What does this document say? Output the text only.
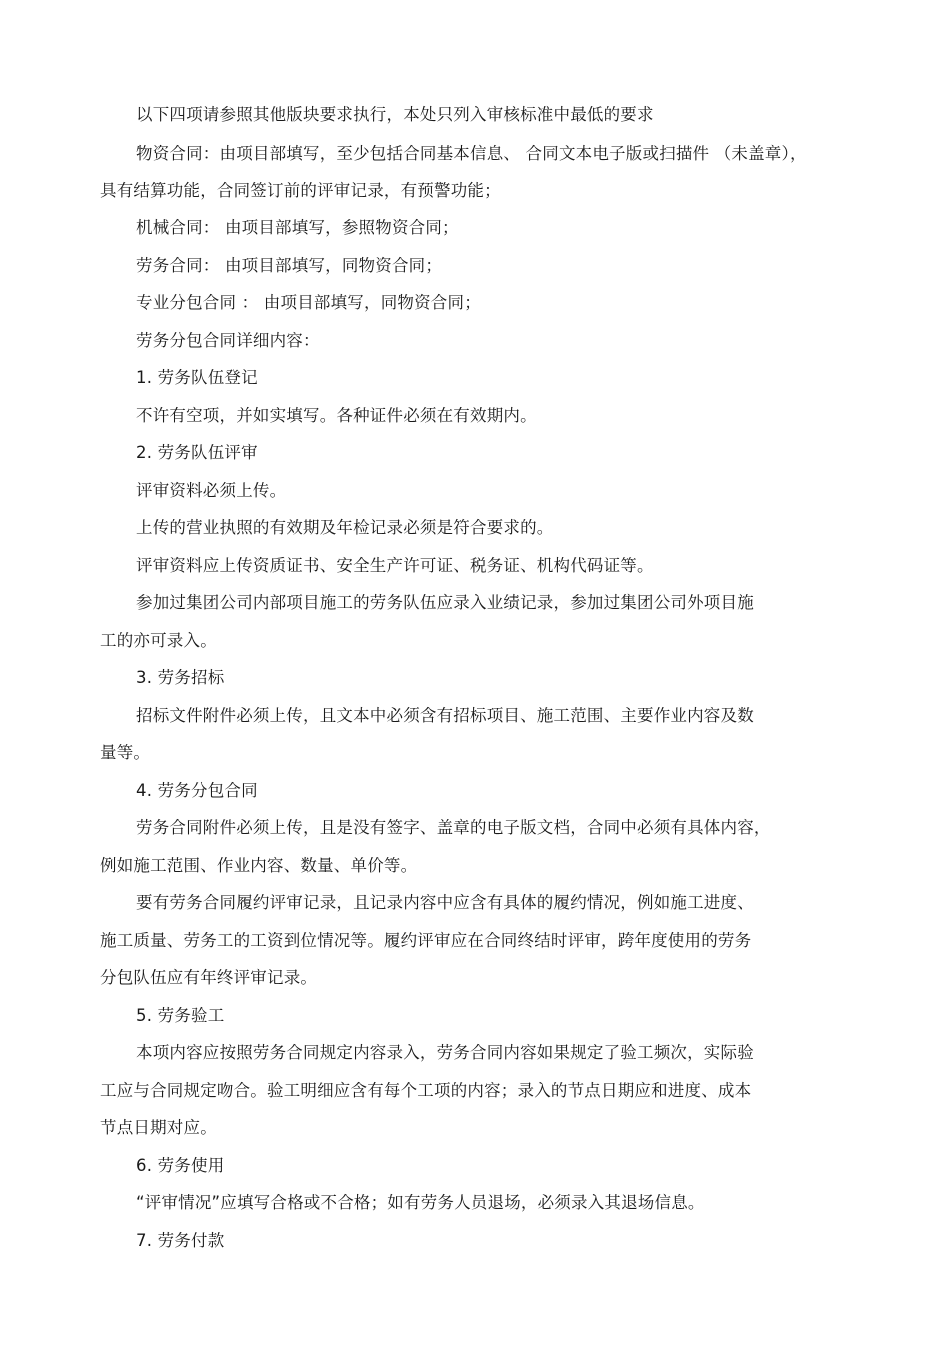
以下四项请参照其他版块要求执行，本处只列入审核标准中最低的要求
物资合同：由项目部填写，至少包括合同基本信息、 合同文本电子版或扫描件 （未盖章），
具有结算功能，合同签订前的评审记录，有预警功能；
机械合同： 由项目部填写，参照物资合同；
劳务合同： 由项目部填写，同物资合同；
专业分包合同 ： 由项目部填写，同物资合同；
劳务分包合同详细内容：
1. 劳务队伍登记
不许有空项，并如实填写。各种证件必须在有效期内。
2. 劳务队伍评审
评审资料必须上传。
上传的营业执照的有效期及年检记录必须是符合要求的。
评审资料应上传资质证书、安全生产许可证、税务证、机构代码证等。
参加过集团公司内部项目施工的劳务队伍应录入业绩记录，参加过集团公司外项目施
工的亦可录入。
3. 劳务招标
招标文件附件必须上传，且文本中必须含有招标项目、施工范围、主要作业内容及数
量等。
4. 劳务分包合同
劳务合同附件必须上传，且是没有签字、盖章的电子版文档，合同中必须有具体内容，
例如施工范围、作业内容、数量、单价等。
要有劳务合同履约评审记录，且记录内容中应含有具体的履约情况，例如施工进度、
施工质量、劳务工的工资到位情况等。履约评审应在合同终结时评审，跨年度使用的劳务
分包队伍应有年终评审记录。
5. 劳务验工
本项内容应按照劳务合同规定内容录入，劳务合同内容如果规定了验工频次，实际验
工应与合同规定吻合。验工明细应含有每个工项的内容；录入的节点日期应和进度、成本
节点日期对应。
6. 劳务使用
“评审情况”应填写合格或不合格；如有劳务人员退场，必须录入其退场信息。
7. 劳务付款
